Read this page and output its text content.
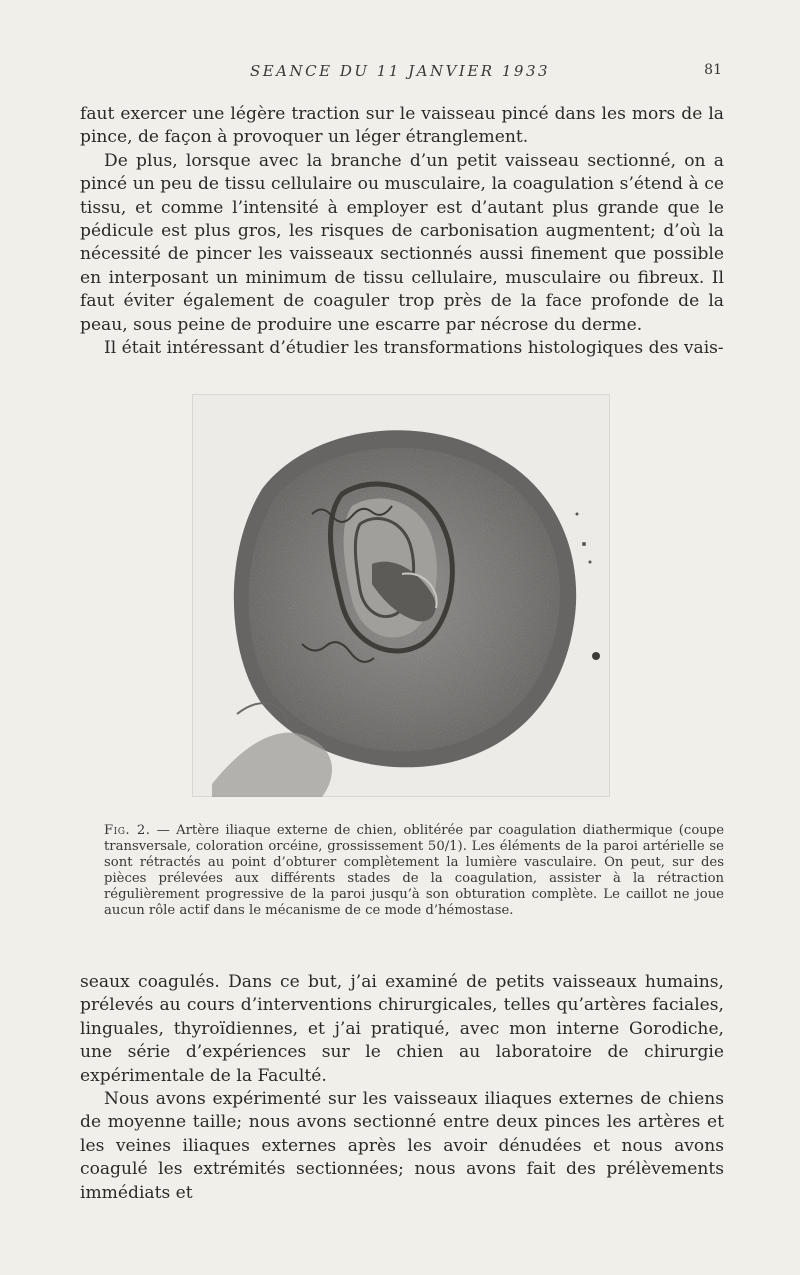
SEANCE DU 11 JANVIER 1933	81

faut exercer une légère traction sur le vaisseau pincé dans les mors de la pince, de façon à provoquer un léger étranglement.

De plus, lorsque avec la branche d’un petit vaisseau sectionné, on a pincé un peu de tissu cellulaire ou musculaire, la coagulation s’étend à ce tissu, et comme l’intensité à employer est d’autant plus grande que le pédicule est plus gros, les risques de carbonisation augmentent; d’où la nécessité de pincer les vaisseaux sectionnés aussi finement que possible en interposant un minimum de tissu cellulaire, musculaire ou fibreux. Il faut éviter également de coaguler trop près de la face profonde de la peau, sous peine de produire une escarre par nécrose du derme.

Il était intéressant d’étudier les transformations histologiques des vais-

Fig. 2. — Artère iliaque externe de chien, oblitérée par coagulation diathermique (coupe transversale, coloration orcéine, grossissement 50/1). Les éléments de la paroi artérielle se sont rétractés au point d’obturer complètement la lumière vasculaire. On peut, sur des pièces prélevées aux différents stades de la coagulation, assister à la rétraction régulièrement progressive de la paroi jusqu’à son obturation complète. Le caillot ne joue aucun rôle actif dans le mécanisme de ce mode d’hémostase.

seaux coagulés. Dans ce but, j’ai examiné de petits vaisseaux humains, prélevés au cours d’interventions chirurgicales, telles qu’artères faciales, linguales, thyroïdiennes, et j’ai pratiqué, avec mon interne Gorodiche, une série d’expériences sur le chien au laboratoire de chirurgie expérimentale de la Faculté.

Nous avons expérimenté sur les vaisseaux iliaques externes de chiens de moyenne taille; nous avons sectionné entre deux pinces les artères et les veines iliaques externes après les avoir dénudées et nous avons coagulé les extrémités sectionnées; nous avons fait des prélèvements immédiats et
